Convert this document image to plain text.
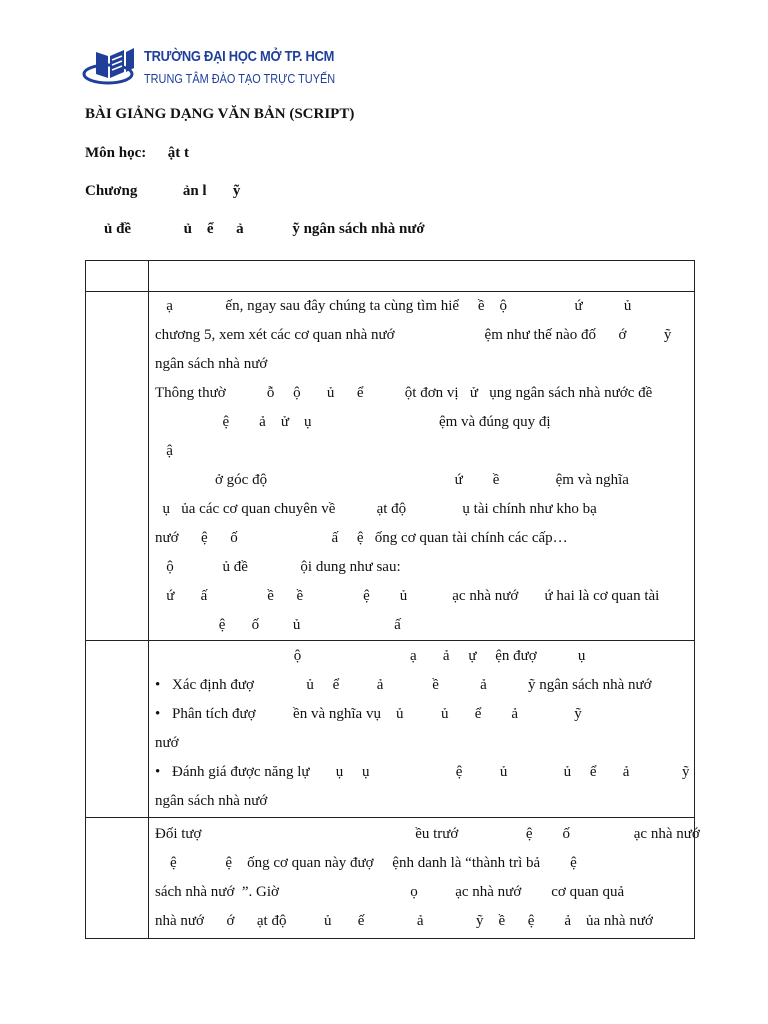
TRƯỜNG ĐẠI HỌC MỞ TP. HCM
TRUNG TÂM ĐÀO TẠO TRỰC TUYẾN
BÀI GIẢNG DẠNG VĂN BẢN (SCRIPT)
Môn học: ật t
Chương	ản l       ỹ
ủ đề              ủ    ể      ả             ỹ ngân sách nhà nướ
ạ              ến, ngay sau đây chúng ta cùng tìm hiể     ề    ộ                  ứ           ủ
chương 5, xem xét các cơ quan nhà nướ                        ệm như thế nào đố      ớ          ỹ
ngân sách nhà nướ
Thông thườ           ỗ     ộ       ủ      ể           ột đơn vị   ử   ụng ngân sách nhà nước đề
ệ        ả    ử    ụ                                  ệm và đúng quy đị
ậ
ở góc độ                                                  ứ        ề               ệm và nghĩa
ụ   ủa các cơ quan chuyên về           ạt độ               ụ tài chính như kho bạ
nướ      ệ      ố                         ấ     ệ   ống cơ quan tài chính các cấp…
ộ             ủ đề              ội dung như sau:
ứ       ấ                ề      ề                ệ        ủ            ạc nhà nướ       ứ hai là cơ quan tài
ệ       ố         ủ                         ấ
ộ                             ạ       ả     ự     ện đượ           ụ
• Xác định đượ              ủ     ể          ả             ề           ả           ỹ ngân sách nhà nướ
• Phân tích đượ          ền và nghĩa vụ    ủ          ủ       ể        ả               ỹ
nướ
• Đánh giá được năng lự       ụ     ụ                       ệ          ủ               ủ     ể       ả              ỹ
ngân sách nhà nướ
Đối tượ                                                         ều trướ                  ệ        ố                 ạc nhà nướ
ệ             ệ    ống cơ quan này đượ     ệnh danh là “thành trì bả        ệ
sách nhà nướ  ”. Giờ                                   ọ          ạc nhà nướ        cơ quan quả
nhà nướ      ớ      ạt độ          ủ       ế              ả              ỹ    ề      ệ        ả    ủa nhà nướ
